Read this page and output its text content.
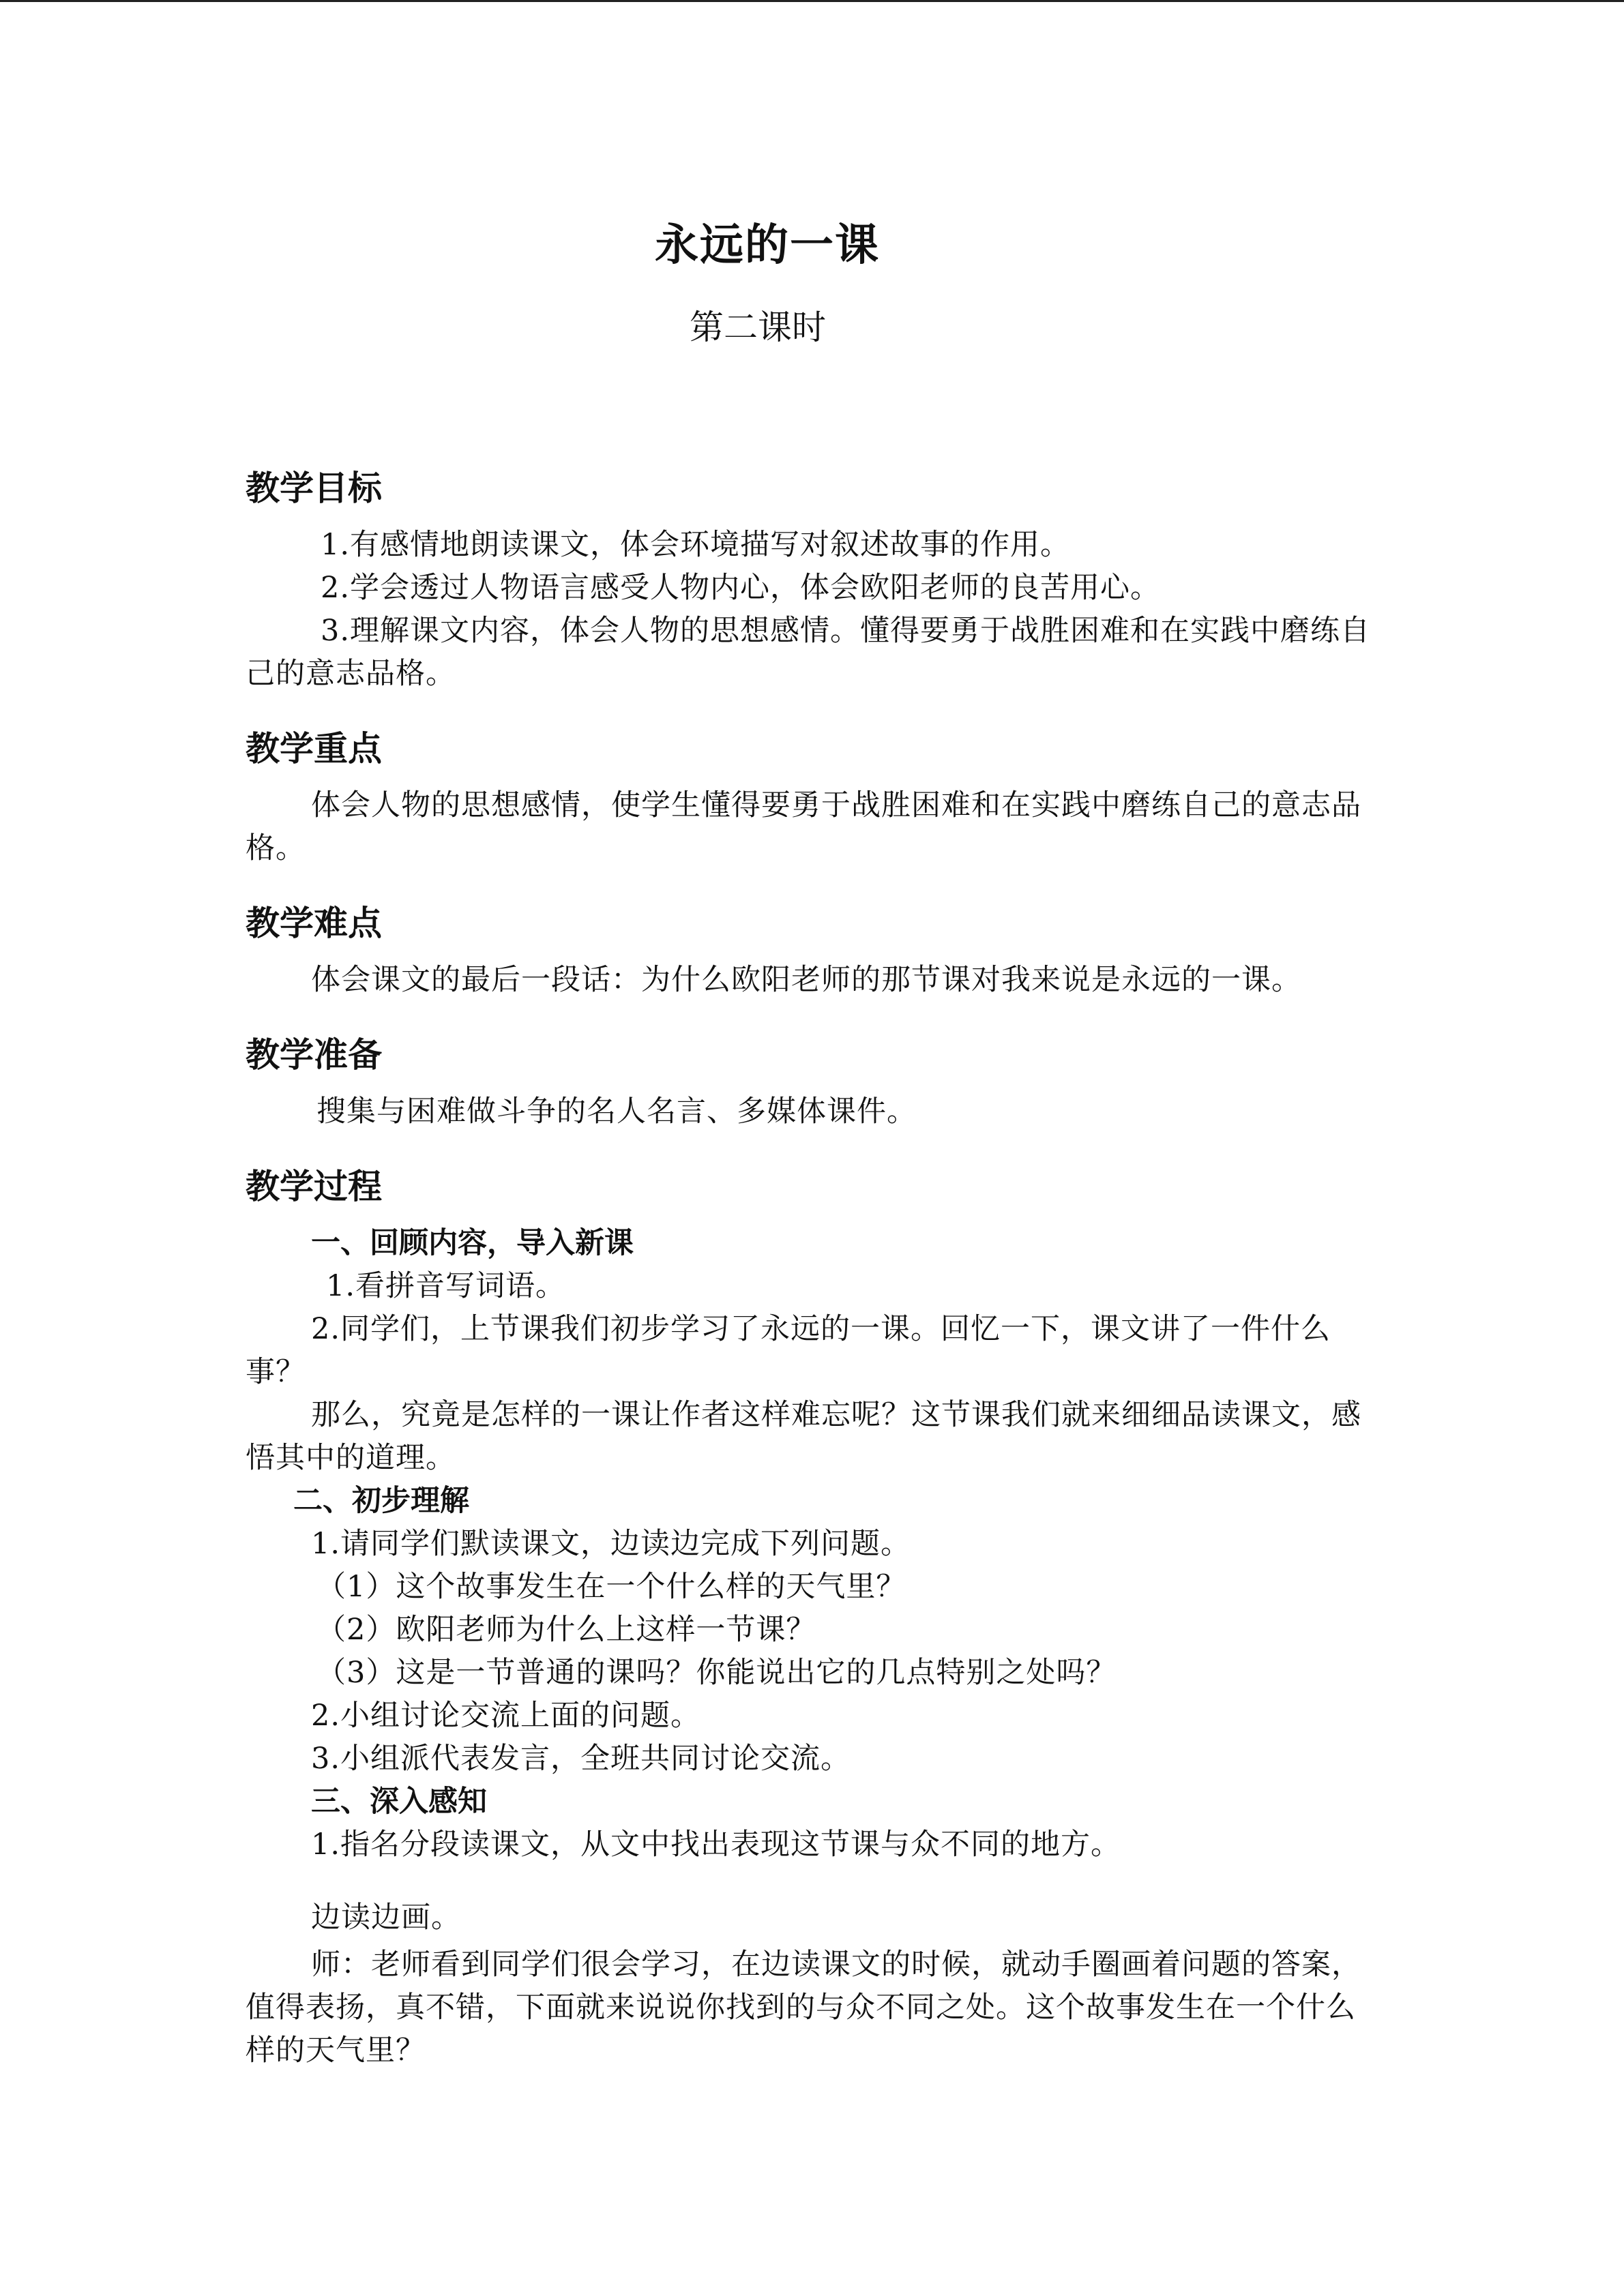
永远的一课
第二课时
教学目标

1.有感情地朗读课文，体会环境描写对叙述故事的作用。

2.学会透过人物语言感受人物内心，体会欧阳老师的良苦用心。

3.理解课文内容，体会人物的思想感情。懂得要勇于战胜困难和在实践中磨练自己的意志品格。

教学重点

体会人物的思想感情，使学生懂得要勇于战胜困难和在实践中磨练自己的意志品格。

教学难点

体会课文的最后一段话：为什么欧阳老师的那节课对我来说是永远的一课。

教学准备

搜集与困难做斗争的名人名言、多媒体课件。

教学过程

一、回顾内容，导入新课

1.看拼音写词语。

2.同学们，上节课我们初步学习了永远的一课。回忆一下，课文讲了一件什么事？

那么，究竟是怎样的一课让作者这样难忘呢？这节课我们就来细细品读课文，感悟其中的道理。

二、初步理解

1.请同学们默读课文，边读边完成下列问题。

（1）这个故事发生在一个什么样的天气里？

（2）欧阳老师为什么上这样一节课？

（3）这是一节普通的课吗？你能说出它的几点特别之处吗？

2.小组讨论交流上面的问题。

3.小组派代表发言，全班共同讨论交流。

三、深入感知

1.指名分段读课文，从文中找出表现这节课与众不同的地方。

边读边画。

师：老师看到同学们很会学习，在边读课文的时候，就动手圈画着问题的答案，值得表扬，真不错，下面就来说说你找到的与众不同之处。这个故事发生在一个什么样的天气里？
